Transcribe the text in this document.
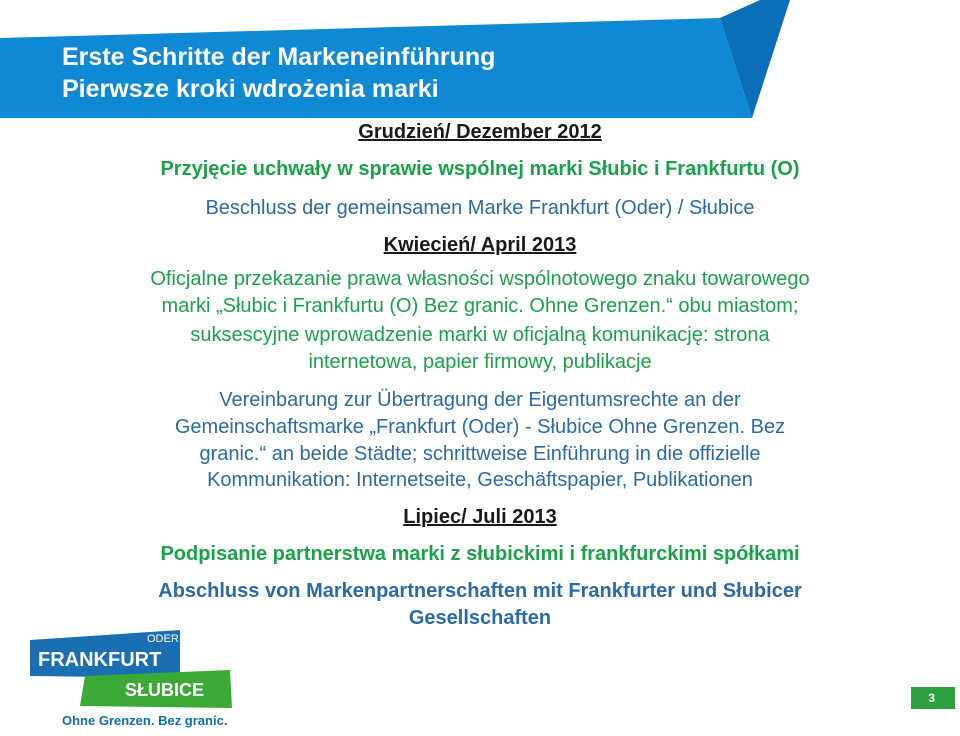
Erste Schritte der Markeneinführung
Pierwsze kroki wdrożenia marki
Grudzień/ Dezember 2012
Przyjęcie uchwały w sprawie wspólnej marki Słubic i Frankfurtu (O)
Beschluss der gemeinsamen Marke Frankfurt (Oder) / Słubice
Kwiecień/ April 2013
Oficjalne przekazanie prawa własności wspólnotowego znaku towarowego
marki „Słubic i Frankfurtu (O) Bez granic. Ohne Grenzen.“ obu miastom;
suksescyjne wprowadzenie marki w oficjalną komunikację: strona
internetowa, papier firmowy, publikacje
Vereinbarung zur Übertragung der Eigentumsrechte an der
Gemeinschaftsmarke „Frankfurt (Oder) - Słubice Ohne Grenzen. Bez
granic.“ an beide Städte; schrittweise Einführung in die offizielle
Kommunikation: Internetseite, Geschäftspapier, Publikationen
Lipiec/ Juli 2013
Podpisanie partnerstwa marki z słubickimi i frankfurckimi spółkami
Abschluss von Markenpartnerschaften mit Frankfurter und Słubicer
Gesellschaften
ODER
FRANKFURT
SŁUBICE
Ohne Grenzen. Bez granic.
3
